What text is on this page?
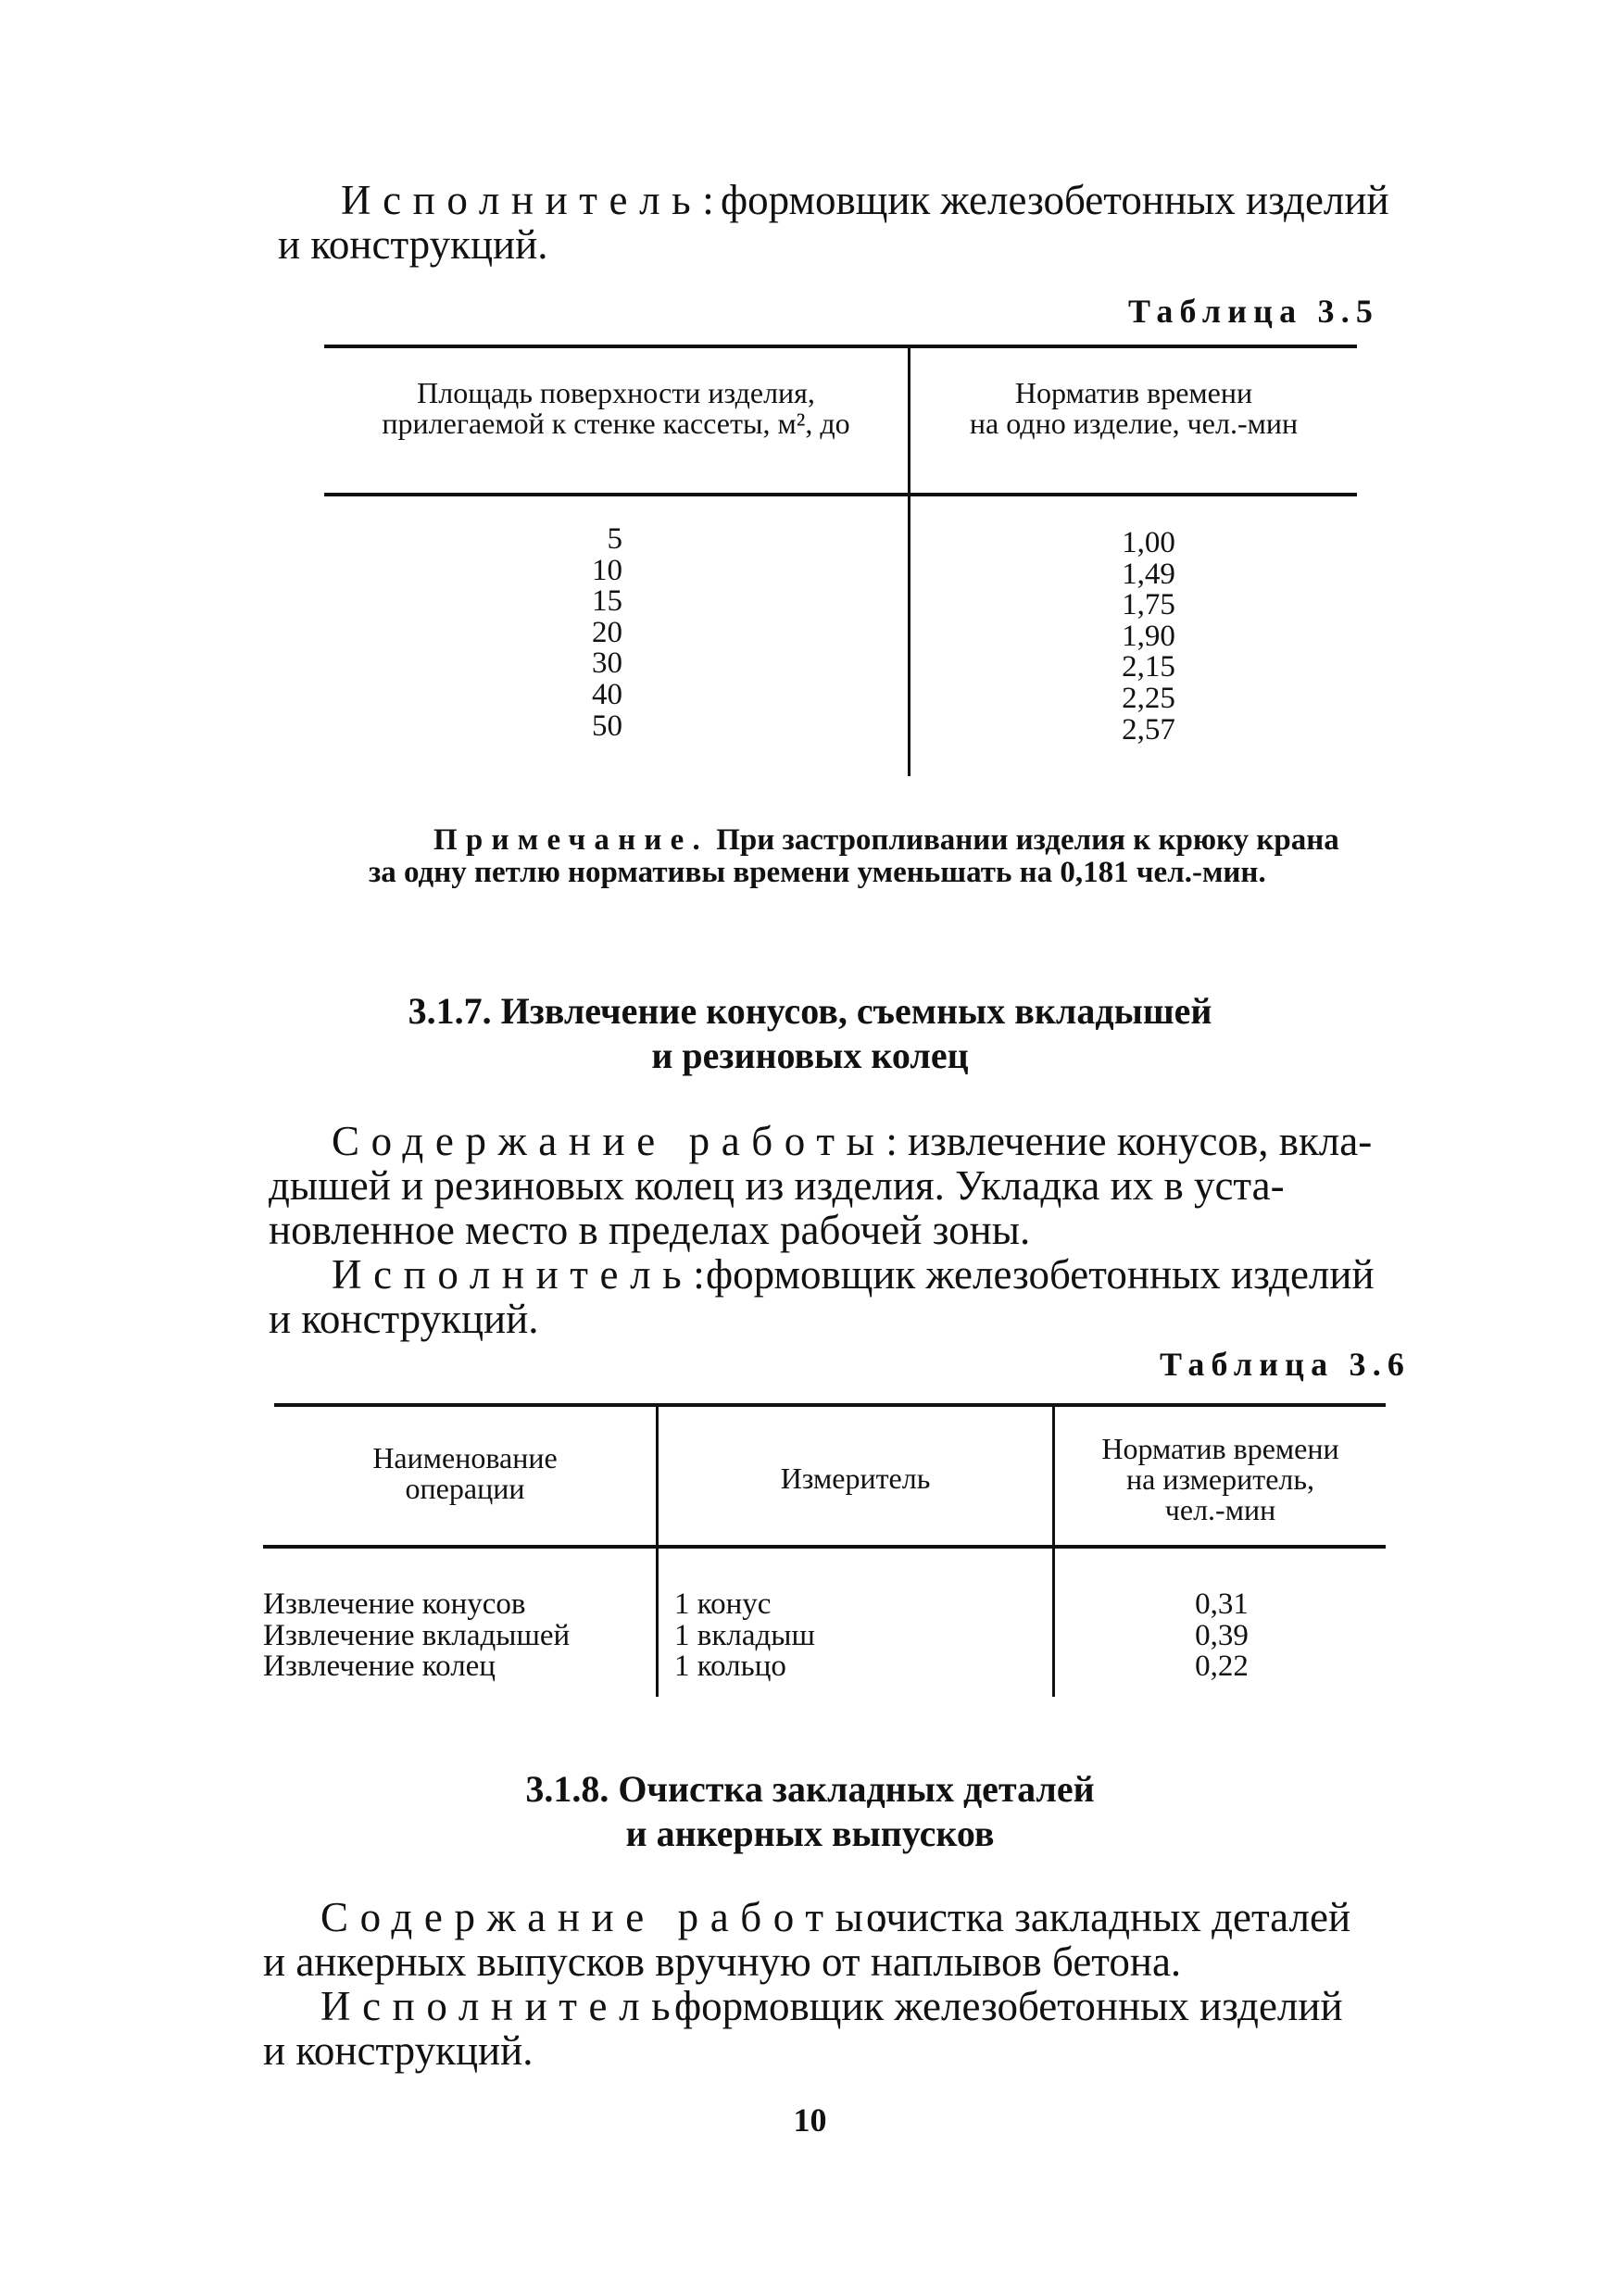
Исполнитель:
формовщик железобетонных изделий
и конструкций.
Таблица 3.5
Площадь поверхности изделия,
прилегаемой к стенке кассеты, м², до
Норматив времени
на одно изделие, чел.-мин
5
10
15
20
30
40
50
1,00
1,49
1,75
1,90
2,15
2,25
2,57
Примечание. При застропливании изделия к крюку крана
за одну петлю нормативы времени уменьшать на 0,181 чел.-мин.
3.1.7. Извлечение конусов, съемных вкладышей
и резиновых колец
Содержание работы:
извлечение конусов, вкла-
дышей и резиновых колец из изделия. Укладка их в уста-
новленное место в пределах рабочей зоны.
Исполнитель:
формовщик железобетонных изделий
и конструкций.
Таблица 3.6
Наименование
операции	Измеритель
Норматив времени
на измеритель,
чел.-мин
Извлечение конусов
Извлечение вкладышей
Извлечение колец
1 конус
1 вкладыш
1 кольцо
0,31
0,39
0,22
3.1.8. Очистка закладных деталей
и анкерных выпусков
Содержание работы:
очистка закладных деталей
и анкерных выпусков вручную от наплывов бетона.
Исполнитель:
формовщик железобетонных изделий
и конструкций.
10
